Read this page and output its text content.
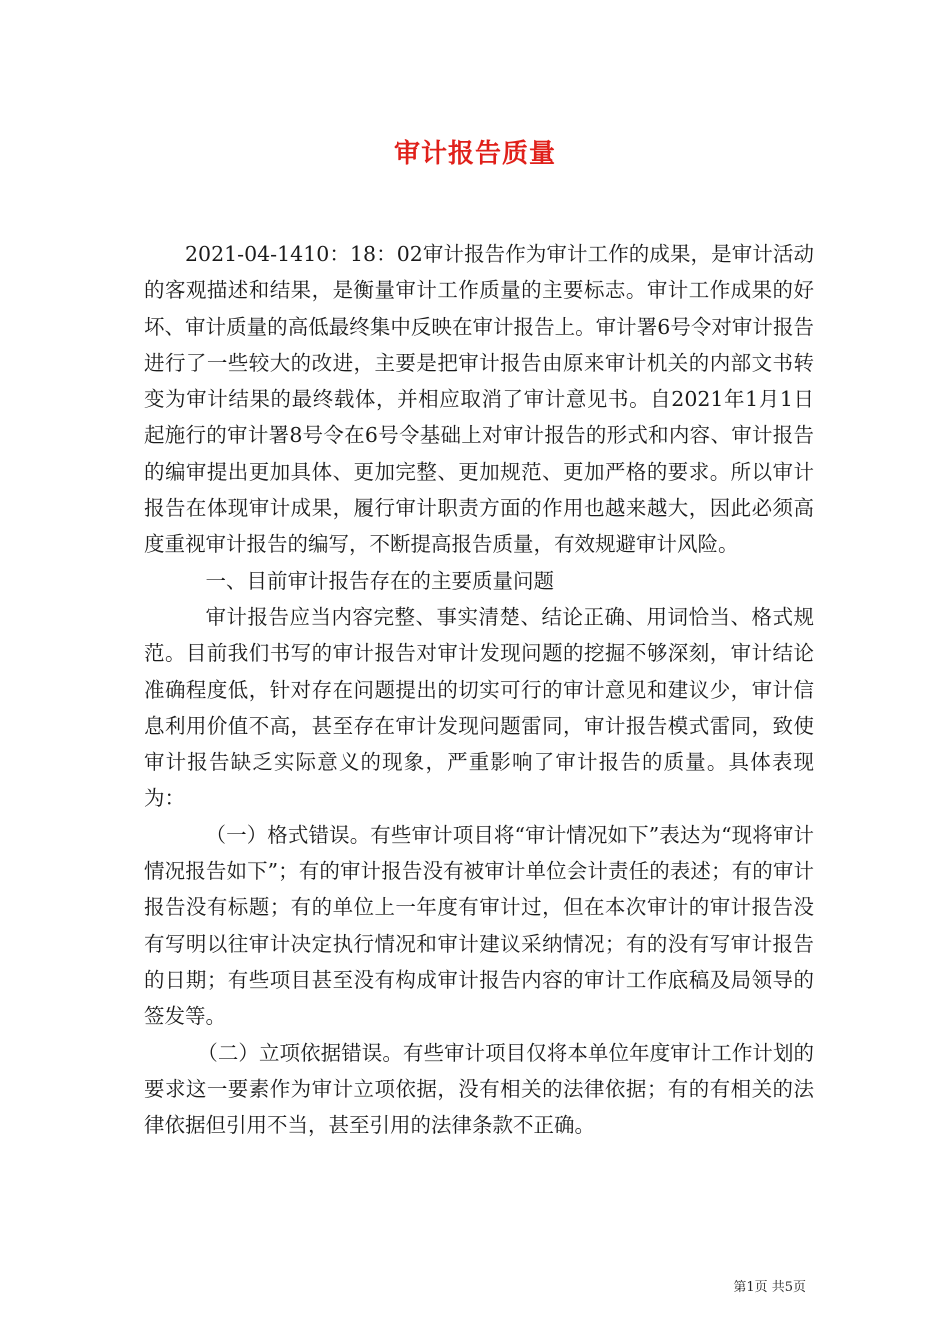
审计报告质量

2021-04-1410：18：02审计报告作为审计工作的成果，是审计活动的客观描述和结果，是衡量审计工作质量的主要标志。审计工作成果的好坏、审计质量的高低最终集中反映在审计报告上。审计署6号令对审计报告进行了一些较大的改进，主要是把审计报告由原来审计机关的内部文书转变为审计结果的最终载体，并相应取消了审计意见书。自2021年1月1日起施行的审计署8号令在6号令基础上对审计报告的形式和内容、审计报告的编审提出更加具体、更加完整、更加规范、更加严格的要求。所以审计报告在体现审计成果，履行审计职责方面的作用也越来越大，因此必须高度重视审计报告的编写，不断提高报告质量，有效规避审计风险。

一、目前审计报告存在的主要质量问题

审计报告应当内容完整、事实清楚、结论正确、用词恰当、格式规范。目前我们书写的审计报告对审计发现问题的挖掘不够深刻，审计结论准确程度低，针对存在问题提出的切实可行的审计意见和建议少，审计信息利用价值不高，甚至存在审计发现问题雷同，审计报告模式雷同，致使审计报告缺乏实际意义的现象，严重影响了审计报告的质量。具体表现为：

（一）格式错误。有些审计项目将“审计情况如下”表达为“现将审计情况报告如下”；有的审计报告没有被审计单位会计责任的表述；有的审计报告没有标题；有的单位上一年度有审计过，但在本次审计的审计报告没有写明以往审计决定执行情况和审计建议采纳情况；有的没有写审计报告的日期；有些项目甚至没有构成审计报告内容的审计工作底稿及局领导的签发等。

（二）立项依据错误。有些审计项目仅将本单位年度审计工作计划的要求这一要素作为审计立项依据，没有相关的法律依据；有的有相关的法律依据但引用不当，甚至引用的法律条款不正确。

第1页 共5页
